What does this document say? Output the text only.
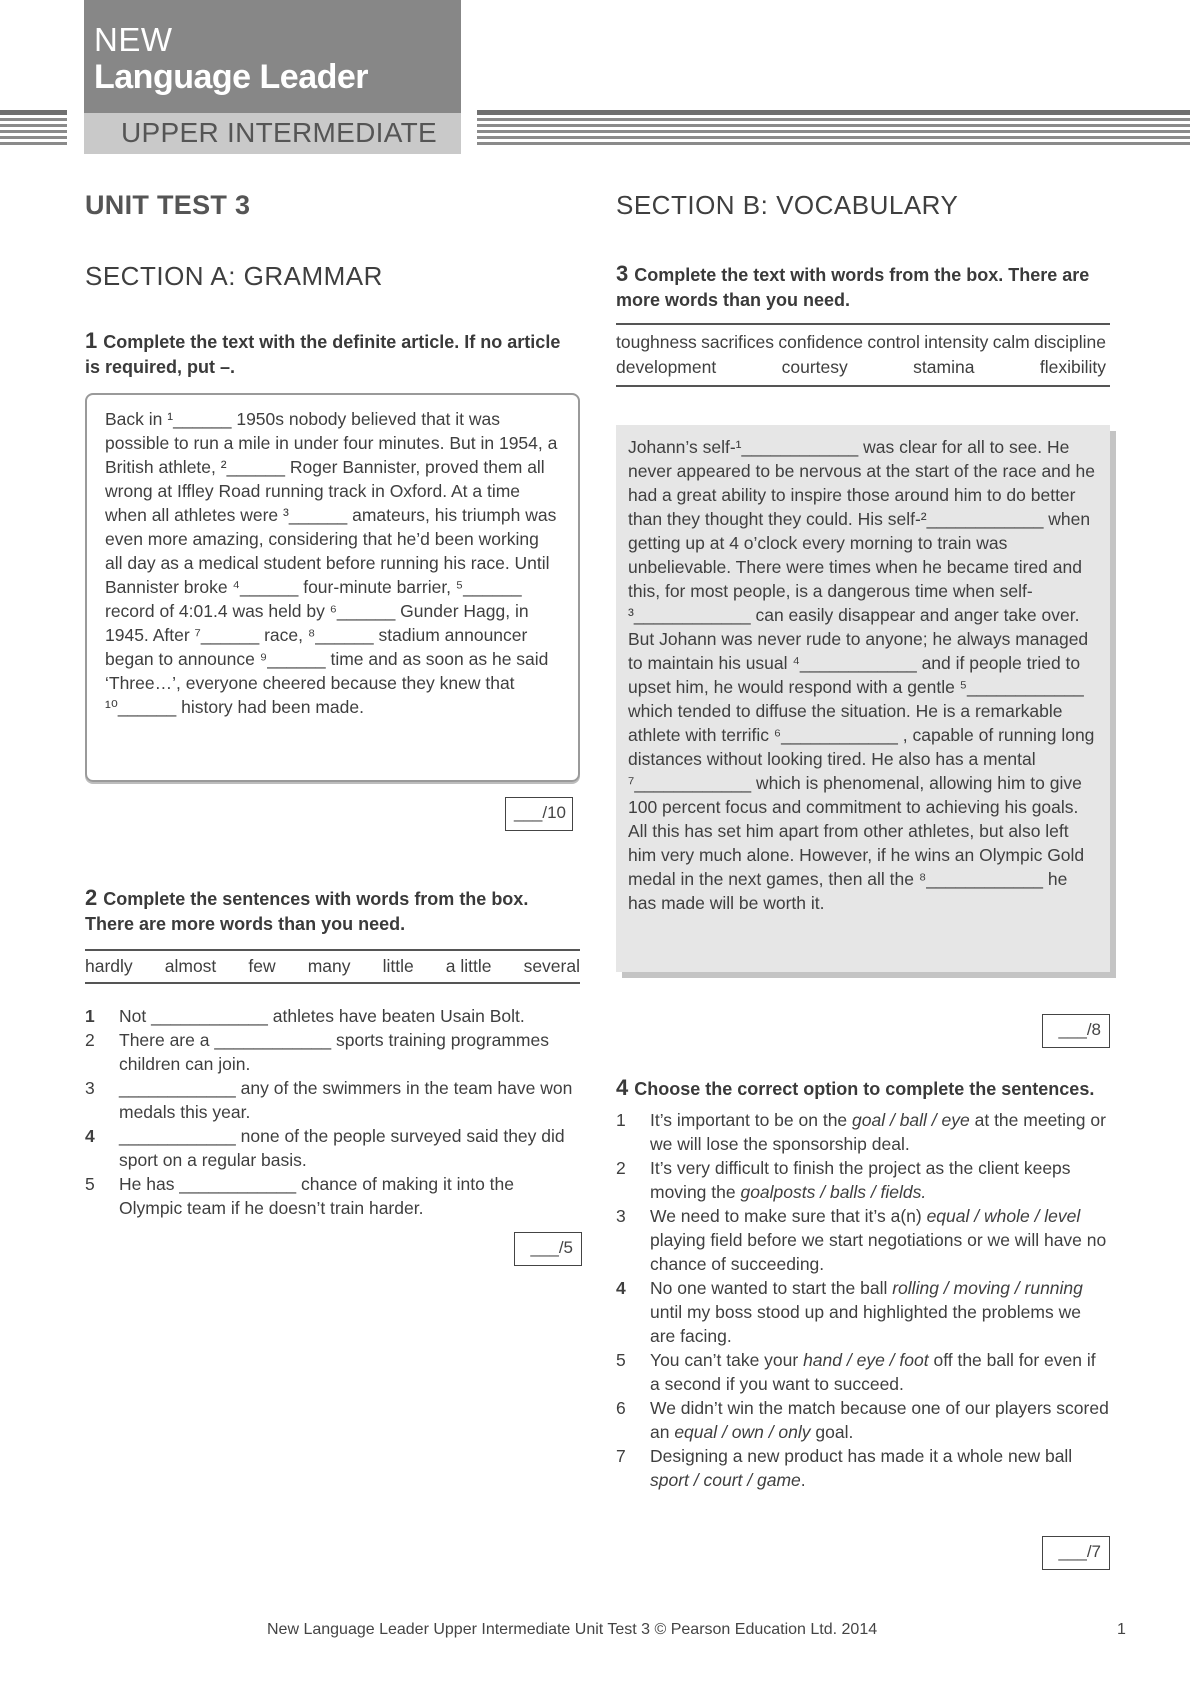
NEW
Language Leader
UPPER INTERMEDIATE
UNIT TEST 3
SECTION A: GRAMMAR
1 Complete the text with the definite article. If no article is required, put –.
Back in ¹______ 1950s nobody believed that it was possible to run a mile in under four minutes. But in 1954, a British athlete, ²______ Roger Bannister, proved them all wrong at Iffley Road running track in Oxford. At a time when all athletes were ³______ amateurs, his triumph was even more amazing, considering that he’d been working all day as a medical student before running his race. Until Bannister broke ⁴______ four-minute barrier, ⁵______ record of 4:01.4 was held by ⁶______ Gunder Hagg, in 1945. After ⁷______ race, ⁸______ stadium announcer began to announce ⁹______ time and as soon as he said ‘Three…’, everyone cheered because they knew that ¹⁰______ history had been made.
___/10
2 Complete the sentences with words from the box. There are more words than you need.
hardly almost few many little a little several
1	Not ____________ athletes have beaten Usain Bolt.
2	There are a ____________ sports training programmes children can join.
3	____________ any of the swimmers in the team have won medals this year.
4	____________ none of the people surveyed said they did sport on a regular basis.
5	He has ____________ chance of making it into the Olympic team if he doesn’t train harder.
___/5
SECTION B: VOCABULARY
3 Complete the text with words from the box. There are more words than you need.
toughness sacrifices confidence control intensity calm discipline
development	courtesy	stamina	flexibility
Johann’s self-¹____________ was clear for all to see. He never appeared to be nervous at the start of the race and he had a great ability to inspire those around him to do better than they thought they could. His self-²____________ when getting up at 4 o’clock every morning to train was unbelievable. There were times when he became tired and this, for most people, is a dangerous time when self- ³____________ can easily disappear and anger take over. But Johann was never rude to anyone; he always managed to maintain his usual ⁴____________ and if people tried to upset him, he would respond with a gentle ⁵____________ which tended to diffuse the situation. He is a remarkable athlete with terrific ⁶____________ , capable of running long distances without looking tired. He also has a mental ⁷____________ which is phenomenal, allowing him to give 100 percent focus and commitment to achieving his goals. All this has set him apart from other athletes, but also left him very much alone. However, if he wins an Olympic Gold medal in the next games, then all the ⁸____________ he has made will be worth it.
___/8
4 Choose the correct option to complete the sentences.
1	It’s important to be on the goal / ball / eye at the meeting or we will lose the sponsorship deal.
2	It’s very difficult to finish the project as the client keeps moving the goalposts / balls / fields.
3	We need to make sure that it’s a(n) equal / whole / level playing field before we start negotiations or we will have no chance of succeeding.
4	No one wanted to start the ball rolling / moving / running until my boss stood up and highlighted the problems we are facing.
5	You can’t take your hand / eye / foot off the ball for even if a second if you want to succeed.
6	We didn’t win the match because one of our players scored an equal / own / only goal.
7	Designing a new product has made it a whole new ball sport / court / game.
___/7
New Language Leader Upper Intermediate Unit Test 3 © Pearson Education Ltd. 2014	1
